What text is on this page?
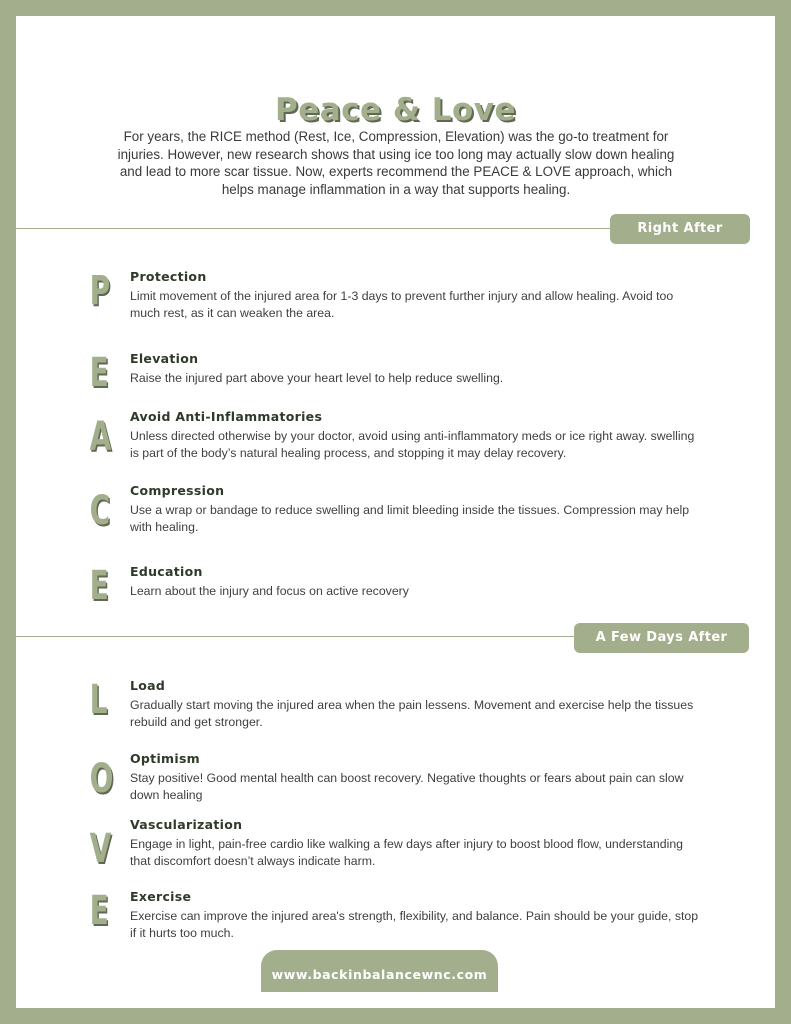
Peace & Love
For years, the RICE method (Rest, Ice, Compression, Elevation) was the go-to treatment for injuries. However, new research shows that using ice too long may actually slow down healing and lead to more scar tissue. Now, experts recommend the PEACE & LOVE approach, which helps manage inflammation in a way that supports healing.
Right After Injury
P Protection
Limit movement of the injured area for 1-3 days to prevent further injury and allow healing. Avoid too much rest, as it can weaken the area.
E Elevation
Raise the injured part above your heart level to help reduce swelling.
A Avoid Anti-Inflammatories
Unless directed otherwise by your doctor, avoid using anti-inflammatory meds or ice right away. swelling is part of the body’s natural healing process, and stopping it may delay recovery.
C Compression
Use a wrap or bandage to reduce swelling and limit bleeding inside the tissues. Compression may help with healing.
E Education
Learn about the injury and focus on active recovery
A Few Days After Injury
L Load
Gradually start moving the injured area when the pain lessens. Movement and exercise help the tissues rebuild and get stronger.
O Optimism
Stay positive! Good mental health can boost recovery. Negative thoughts or fears about pain can slow down healing
V
Vascularization
Engage in light, pain-free cardio like walking a few days after injury to boost blood flow, understanding that discomfort doesn’t always indicate harm.
E Exercise
Exercise can improve the injured area's strength, flexibility, and balance. Pain should be your guide, stop if it hurts too much.
www.backinbalancewnc.com
